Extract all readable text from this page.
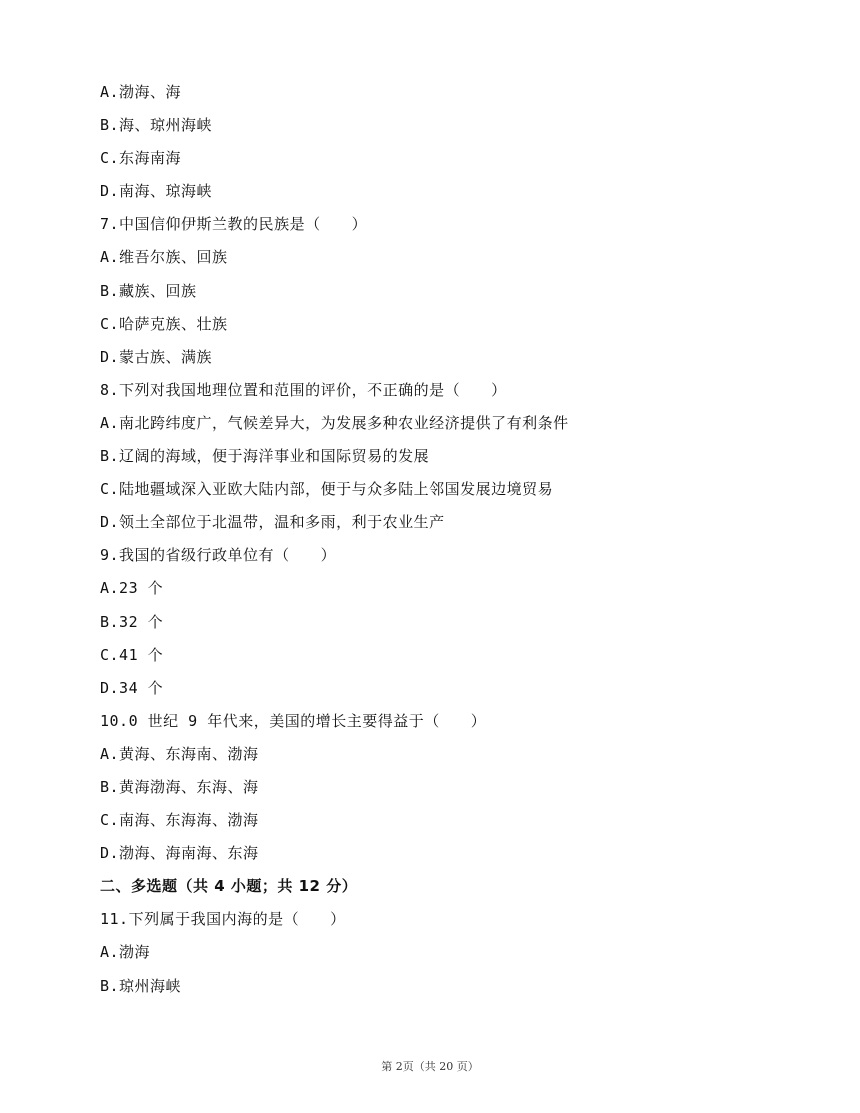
A.渤海、海
B.海、琼州海峡
C.东海南海
D.南海、琼海峡
7.中国信仰伊斯兰教的民族是（　　）
A.维吾尔族、回族
B.藏族、回族
C.哈萨克族、壮族
D.蒙古族、满族
8.下列对我国地理位置和范围的评价，不正确的是（　　）
A.南北跨纬度广，气候差异大，为发展多种农业经济提供了有利条件
B.辽阔的海域，便于海洋事业和国际贸易的发展
C.陆地疆域深入亚欧大陆内部，便于与众多陆上邻国发展边境贸易
D.领土全部位于北温带，温和多雨，利于农业生产
9.我国的省级行政单位有（　　）
A.23 个
B.32 个
C.41 个
D.34 个
10.0 世纪 9 年代来，美国的增长主要得益于（　　）
A.黄海、东海南、渤海
B.黄海渤海、东海、海
C.南海、东海海、渤海
D.渤海、海南海、东海
二、多选题（共 4 小题；共 12 分）
11.下列属于我国内海的是（　　）
A.渤海
B.琼州海峡
第 2页（共 20 页）
